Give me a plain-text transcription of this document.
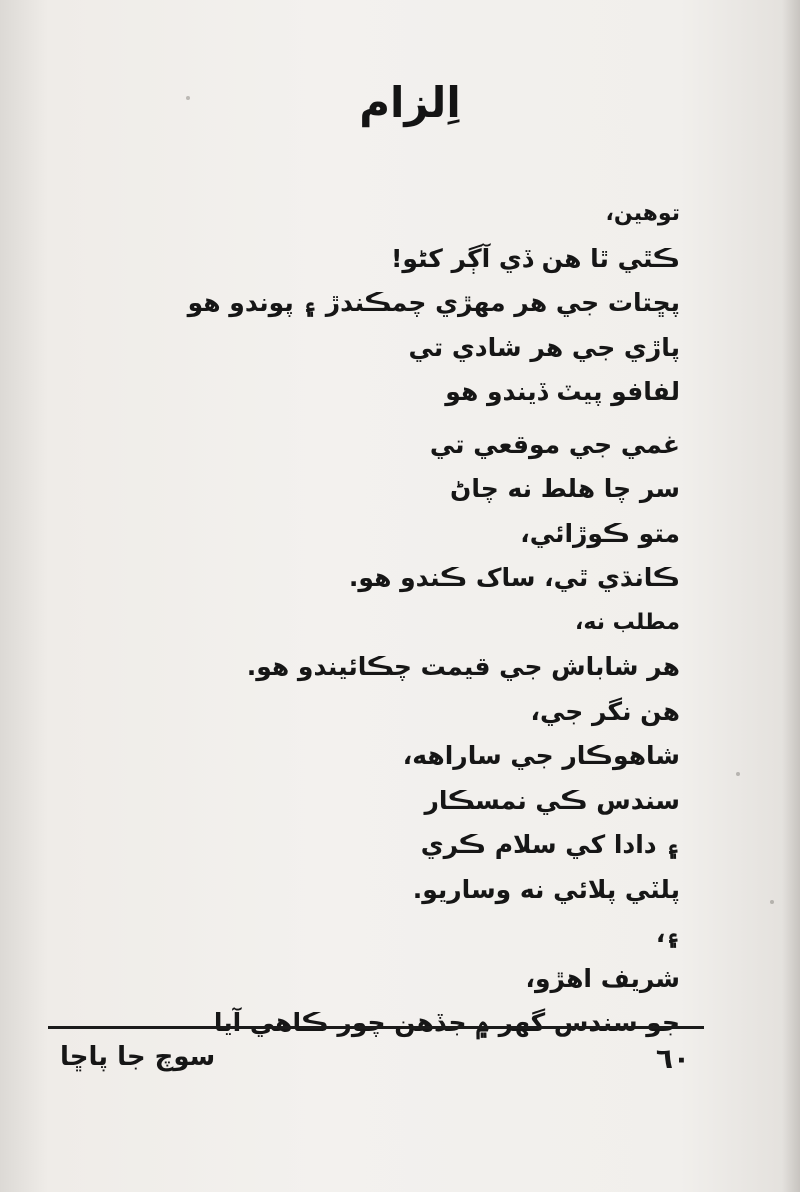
اِلزام
توهين،
ڪٿي ٿا هن ڏي آڳر کڻو!
پڇتات جي هر مهڙي چمڪندڙ ۽ پوندو هو
پاڙي جي هر شادي تي
لفافو پيٽ ڏيندو هو
غمي جي موقعي تي
سر چا هلط نه چاڻ
متو ڪوڙائي،
ڪانڌي ٿي، ساک ڪندو هو.
مطلب نه،
هر شاباش جي قيمت چڪائيندو هو.
هن نگر جي،
شاهوڪار جي ساراهه،
سندس ڪي نمسڪار
۽ دادا کي سلام ڪري
پلٽي پلائي نه وساريو.
۽،
شريف اهڙو،
جو سندس گهر ۾ جڏهن چور ڪاهي آيا
سوچ جا پاڇا	٦٠
